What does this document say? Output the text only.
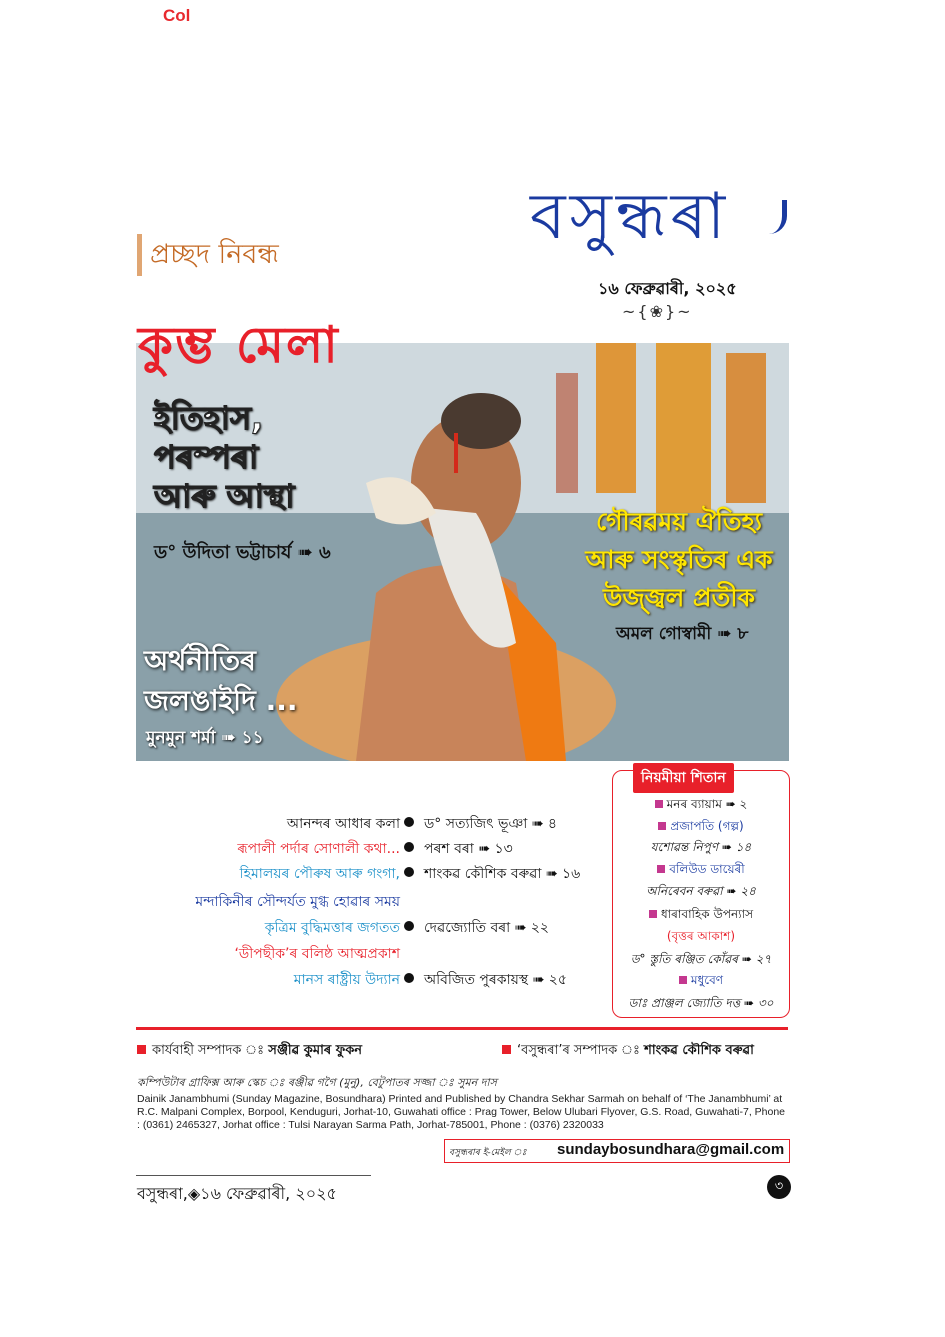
Col
বসুন্ধৰা
১৬ ফেব্ৰুৱাৰী, ২০২৫
~{❀}~
প্ৰচ্ছদ নিবন্ধ
কুম্ভ মেলা
ইতিহাস,
পৰম্পৰা
আৰু আস্থা
ড° উদিতা ভট্টাচাৰ্য ➠ ৬
গৌৰৱময় ঐতিহ্য
আৰু সংস্কৃতিৰ এক
উজ্জ্বল প্ৰতীক
অমল গোস্বামী ➠ ৮
অৰ্থনীতিৰ
জলঙাইদি ...
মুনমুন শৰ্মা ➠ ১১
আনন্দৰ আধাৰ কলা ড° সত্যজিৎ ভূঞা ➠ ৪
ৰূপালী পৰ্দাৰ সোণালী কথা... পৰশ বৰা ➠ ১৩
হিমালয়ৰ পৌৰুষ আৰু গংগা, শাংকৱ কৌশিক বৰুৱা ➠ ১৬
মন্দাকিনীৰ সৌন্দৰ্যত মুগ্ধ হোৱাৰ সময়
কৃত্ৰিম বুদ্ধিমত্তাৰ জগতত দেৱজ্যোতি বৰা ➠ ২২
‘ডীপছীক’ৰ বলিষ্ঠ আত্মপ্ৰকাশ
মানস ৰাষ্ট্ৰীয় উদ্যান অবিজিত পুৰকায়স্থ ➠ ২৫
নিয়মীয়া শিতান
মনৰ ব্যায়াম ➠ ২
প্ৰজাপতি (গল্প)
যশোৱন্ত নিপুণ ➠ ১৪
বলিউড ডায়েৰী
অনিৰেবন বৰুৱা ➠ ২৪
ধাৰাবাহিক উপন্যাস
(বৃত্তৰ আকাশ)
ড° স্তুতি ৰঞ্জিত কোঁৱৰ ➠ ২৭
মধুবেণ
ডাঃ প্ৰাঞ্জল জ্যোতি দত্ত ➠ ৩০
কাৰ্যবাহী সম্পাদক ঃ সঞ্জীৱ কুমাৰ ফুকন	‘বসুন্ধৰা’ৰ সম্পাদক ঃ শাংকৱ কৌশিক বৰুৱা
কম্পিউটাৰ গ্ৰাফিক্স আৰু স্কেচ ঃ ৰঞ্জীৱ গগৈ (মুনু), বেটুপাতৰ সজ্জা ঃ সুমন দাস
Dainik Janambhumi (Sunday Magazine, Bosundhara) Printed and Published by Chandra Sekhar Sarmah on behalf of ‘The Janambhumi’ at R.C. Malpani Complex, Borpool, Kenduguri, Jorhat-10, Guwahati office : Prag Tower, Below Ulubari Flyover, G.S. Road, Guwahati-7, Phone : (0361) 2465327, Jorhat office : Tulsi Narayan Sarma Path, Jorhat-785001, Phone : (0376) 2320033
বসুন্ধৰাৰ ই-মেইল ঃ sundaybosundhara@gmail.com
বসুন্ধৰা,◈১৬ ফেব্ৰুৱাৰী, ২০২৫	৩
